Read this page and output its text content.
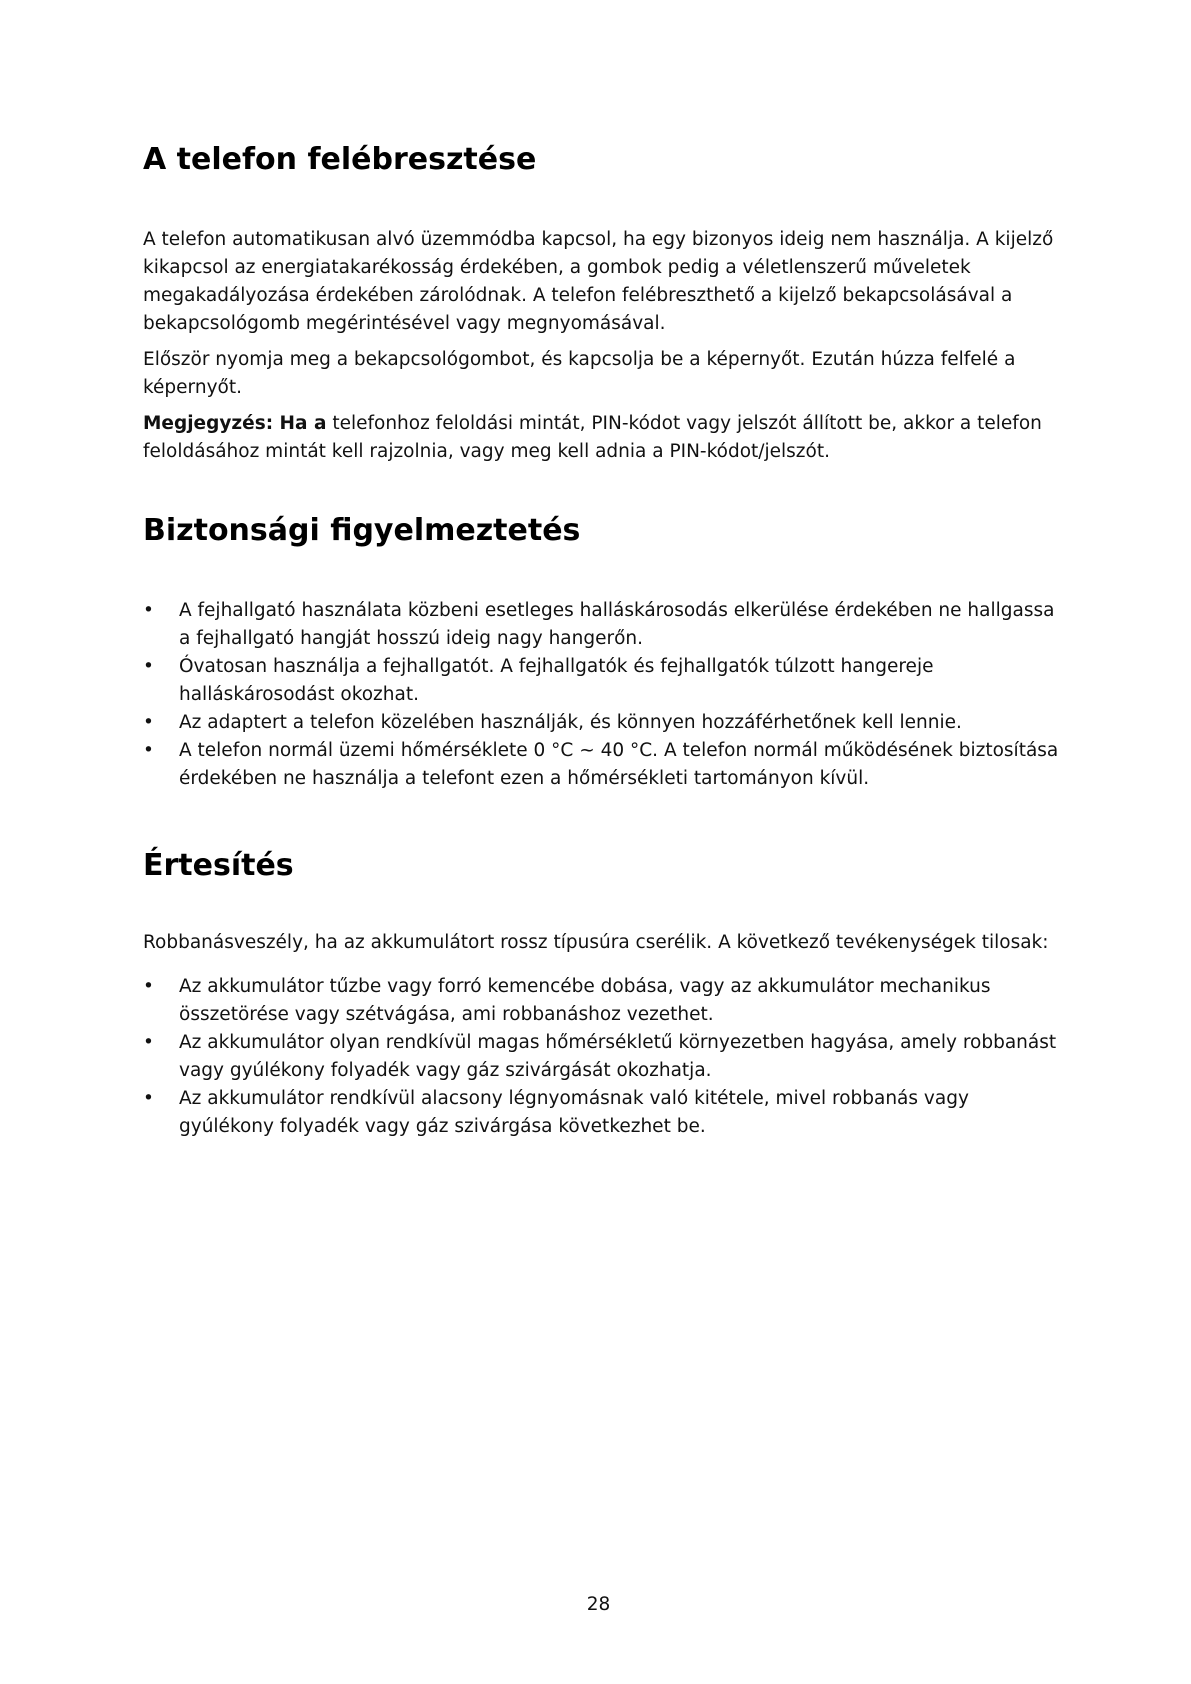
A telefon felébresztése

A telefon automatikusan alvó üzemmódba kapcsol, ha egy bizonyos ideig nem használja. A kijelző kikapcsol az energiatakarékosság érdekében, a gombok pedig a véletlenszerű műveletek megakadályozása érdekében zárolódnak. A telefon felébreszthető a kijelző bekapcsolásával a bekapcsológomb megérintésével vagy megnyomásával.

Először nyomja meg a bekapcsológombot, és kapcsolja be a képernyőt. Ezután húzza felfelé a képernyőt.

Megjegyzés: Ha a telefonhoz feloldási mintát, PIN-kódot vagy jelszót állított be, akkor a telefon feloldásához mintát kell rajzolnia, vagy meg kell adnia a PIN-kódot/jelszót.

Biztonsági figyelmeztetés
•	A fejhallgató használata közbeni esetleges halláskárosodás elkerülése érdekében ne hallgassa a fejhallgató hangját hosszú ideig nagy hangerőn.
•	Óvatosan használja a fejhallgatót. A fejhallgatók és fejhallgatók túlzott hangereje halláskárosodást okozhat.
•	Az adaptert a telefon közelében használják, és könnyen hozzáférhetőnek kell lennie.
•	A telefon normál üzemi hőmérséklete 0 °C ~ 40 °C. A telefon normál működésének biztosítása érdekében ne használja a telefont ezen a hőmérsékleti tartományon kívül.
Értesítés

Robbanásveszély, ha az akkumulátort rossz típusúra cserélik. A következő tevékenységek tilosak:

•	Az akkumulátor tűzbe vagy forró kemencébe dobása, vagy az akkumulátor mechanikus összetörése vagy szétvágása, ami robbanáshoz vezethet.
•	Az akkumulátor olyan rendkívül magas hőmérsékletű környezetben hagyása, amely robbanást vagy gyúlékony folyadék vagy gáz szivárgását okozhatja.
•	Az akkumulátor rendkívül alacsony légnyomásnak való kitétele, mivel robbanás vagy gyúlékony folyadék vagy gáz szivárgása következhet be.
28
